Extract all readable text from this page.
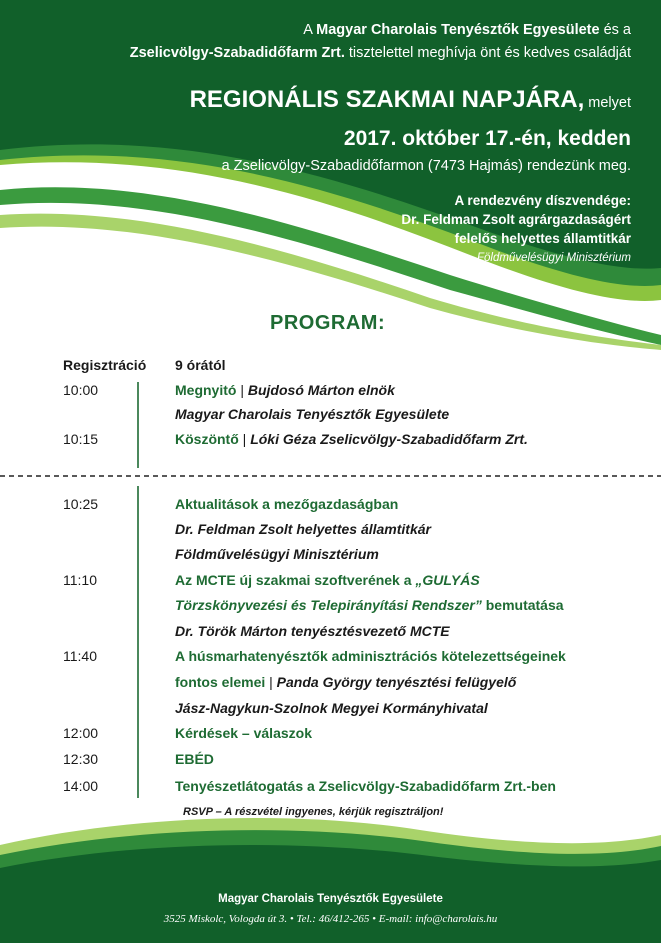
A Magyar Charolais Tenyésztők Egyesülete és a
Zselicvölgy-Szabadidőfarm Zrt. tisztelettel meghívja önt és kedves családját
REGIONÁLIS SZAKMAI NAPJÁRA, melyet
2017. október 17.-én, kedden
a Zselicvölgy-Szabadidőfarmon (7473 Hajmás) rendezünk meg.
A rendezvény díszvendége:
Dr. Feldman Zsolt agrárgazdaságért
felelős helyettes államtitkár
Földművelésügyi Minisztérium
PROGRAM:
Regisztráció 9 órától
10:00	Megnyitó | Bujdosó Márton elnök
Magyar Charolais Tenyésztők Egyesülete
10:15	Köszöntő | Lóki Géza Zselicvölgy-Szabadidőfarm Zrt.
10:25	Aktualitások a mezőgazdaságban
Dr. Feldman Zsolt helyettes államtitkár
Földművelésügyi Minisztérium
11:10	Az MCTE új szakmai szoftverének a „GULYÁS
Törzskönyvezési és Telepirányítási Rendszer” bemutatása
Dr. Török Márton tenyésztésvezető MCTE
11:40	A húsmarhatenyésztők adminisztrációs kötelezettségeinek
fontos elemei | Panda György tenyésztési felügyelő
Jász-Nagykun-Szolnok Megyei Kormányhivatal
12:00	Kérdések – válaszok
12:30	EBÉD
14:00	Tenyészetlátogatás a Zselicvölgy-Szabadidőfarm Zrt.-ben
RSVP – A részvétel ingyenes, kérjük regisztráljon!
Magyar Charolais Tenyésztők Egyesülete
3525 Miskolc, Vologda út 3. • Tel.: 46/412-265 • E-mail: info@charolais.hu
